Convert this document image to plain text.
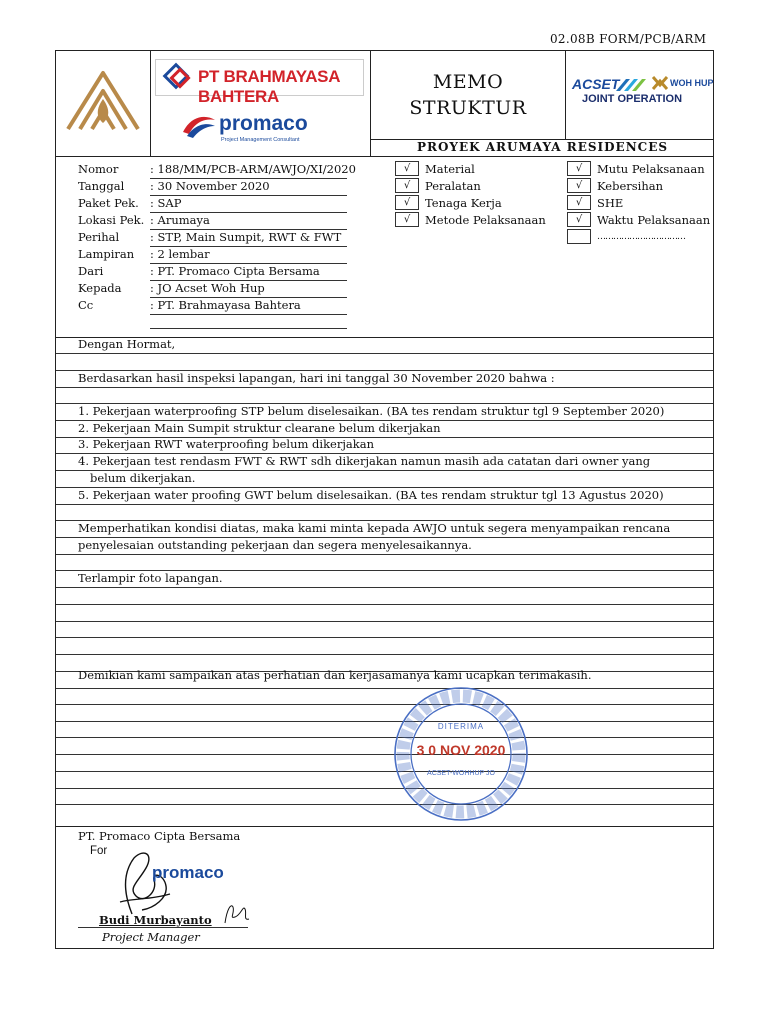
02.08B FORM/PCB/ARM
PT BRAHMAYASA BAHTERA
promaco
Project Management Consultant
MEMO
STRUKTUR
ACSET	WOH HUP
JOINT OPERATION
PROYEK ARUMAYA RESIDENCES
Nomor	: 188/MM/PCB-ARM/AWJO/XI/2020
Tanggal	: 30 November 2020
Paket Pek. : SAP
Lokasi Pek. : Arumaya
Perihal	: STP, Main Sumpit, RWT & FWT
Lampiran	: 2 lembar
Dari	: PT. Promaco Cipta Bersama
Kepada	: JO Acset Woh Hup
Cc	: PT. Brahmayasa Bahtera
√	Material
√	Peralatan
√	Tenaga Kerja
√	Metode Pelaksanaan
√	Mutu Pelaksanaan
√	Kebersihan
√	SHE
√	Waktu Pelaksanaan
……………………………
Dengan Hormat,
Berdasarkan hasil inspeksi lapangan, hari ini tanggal 30 November 2020 bahwa :
1. Pekerjaan waterproofing STP belum diselesaikan. (BA tes rendam struktur tgl 9 September 2020)
2. Pekerjaan Main Sumpit struktur clearane belum dikerjakan
3. Pekerjaan RWT waterproofing belum dikerjakan
4. Pekerjaan test rendasm FWT & RWT sdh dikerjakan namun masih ada catatan dari owner yang
belum dikerjakan.
5. Pekerjaan water proofing GWT belum diselesaikan. (BA tes rendam struktur tgl 13 Agustus 2020)
Memperhatikan kondisi diatas, maka kami minta kepada AWJO untuk segera menyampaikan rencana
penyelesaian outstanding pekerjaan dan segera menyelesaikannya.
Terlampir foto lapangan.
Demikian kami sampaikan atas perhatian dan kerjasamanya kami ucapkan terimakasih.
DITERIMA
3 0 NOV 2020
ACSET-WOHHUP JO
PT. Promaco Cipta Bersama
For
promaco
Budi Murbayanto
Project Manager
